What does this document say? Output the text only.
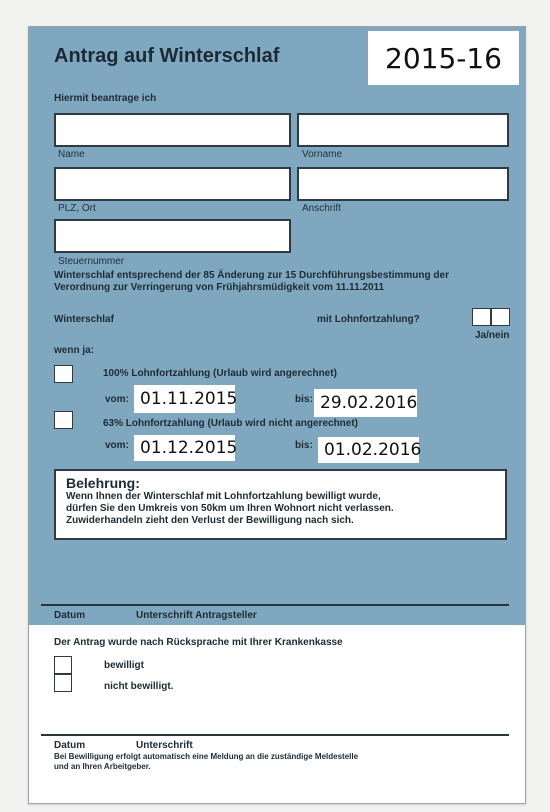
Antrag auf Winterschlaf	2015-16
Hiermit beantrage ich
Name	Vorname
PLZ, Ort	Anschrift
Steuernummer
Winterschlaf entsprechend der 85 Änderung zur 15 Durchführungsbestimmung der
Verordnung zur Verringerung von Frühjahrsmüdigkeit vom 11.11.2011
Winterschlaf	mit Lohnfortzahlung?
Ja/nein
wenn ja:
100% Lohnfortzahlung (Urlaub wird angerechnet)
vom: 01.11.2015	bis: 29.02.2016
63% Lohnfortzahlung (Urlaub wird nicht angerechnet)
vom: 01.12.2015	bis: 01.02.2016
Belehrung:
Wenn Ihnen der Winterschlaf mit Lohnfortzahlung bewilligt wurde,
dürfen Sie den Umkreis von 50km um Ihren Wohnort nicht verlassen.
Zuwiderhandeln zieht den Verlust der Bewilligung nach sich.
Datum	Unterschrift Antragsteller
Der Antrag wurde nach Rücksprache mit Ihrer Krankenkasse
bewilligt
nicht bewilligt.
Datum	Unterschrift
Bei Bewilligung erfolgt automatisch eine Meldung an die zuständige Meldestelle
und an Ihren Arbeitgeber.
